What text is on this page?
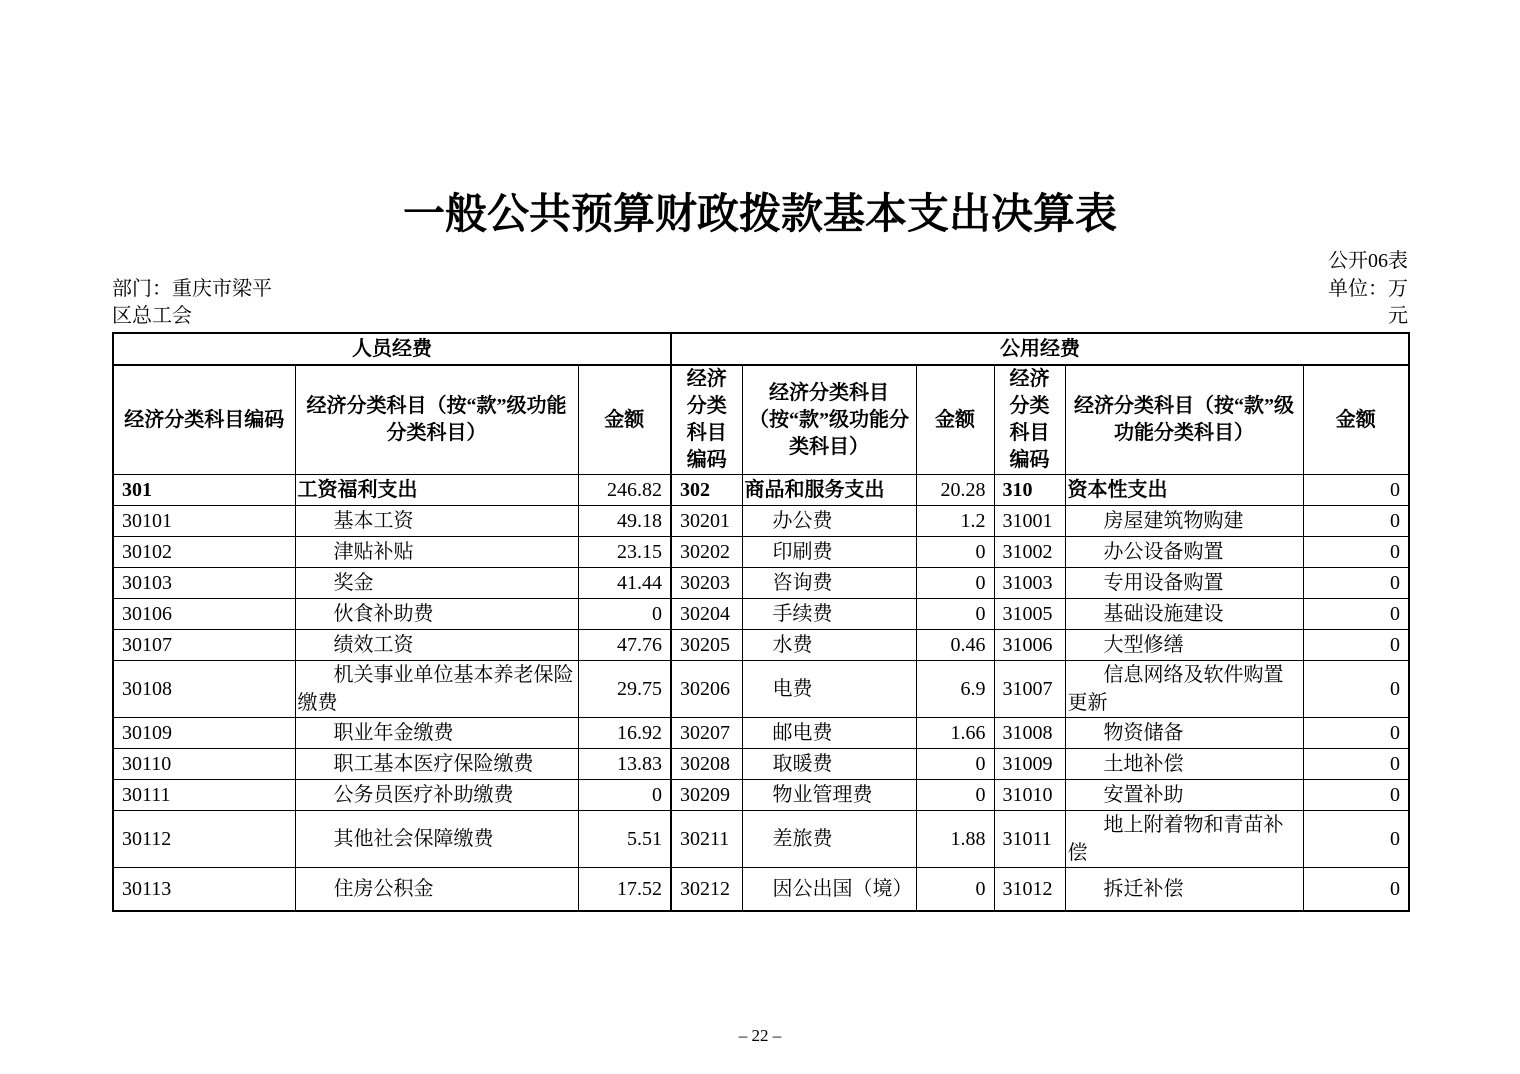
一般公共预算财政拨款基本支出决算表
公开06表
部门：重庆市梁平
区总工会
单位：万
元
人员经费			公用经费					
经济分类科目编码	经济分类科目（按“款”级功能分类科目）	金额	经济分类科目编码	经济分类科目（按“款”级功能分类科目）	金额	经济分类科目编码	经济分类科目（按“款”级功能分类科目）	金额
301	工资福利支出	246.82	302	商品和服务支出	20.28	310	资本性支出	0
30101	基本工资	49.18	30201	办公费	1.2	31001	房屋建筑物购建	0
30102	津贴补贴	23.15	30202	印刷费	0	31002	办公设备购置	0
30103	奖金	41.44	30203	咨询费	0	31003	专用设备购置	0
30106	伙食补助费	0	30204	手续费	0	31005	基础设施建设	0
30107	绩效工资	47.76	30205	水费	0.46	31006	大型修缮	0
30108	机关事业单位基本养老保险缴费	29.75	30206	电费	6.9	31007	信息网络及软件购置更新	0
30109	职业年金缴费	16.92	30207	邮电费	1.66	31008	物资储备	0
30110	职工基本医疗保险缴费	13.83	30208	取暖费	0	31009	土地补偿	0
30111	公务员医疗补助缴费	0	30209	物业管理费	0	31010	安置补助	0
30112	其他社会保障缴费	5.51	30211	差旅费	1.88	31011	地上附着物和青苗补偿	0
30113	住房公积金	17.52	30212	因公出国（境）	0	31012	拆迁补偿	0
– 22 –
